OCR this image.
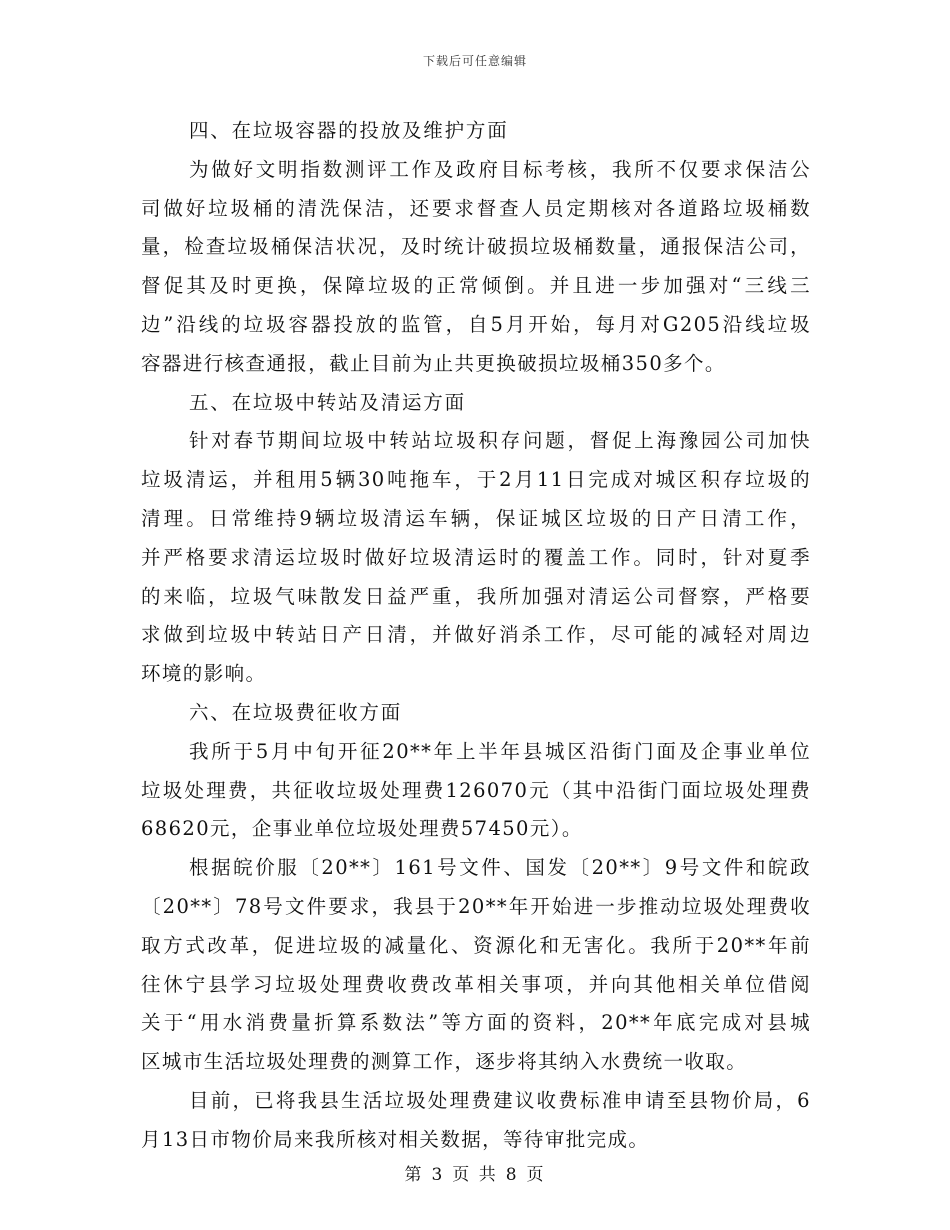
下载后可任意编辑
四、在垃圾容器的投放及维护方面
为做好文明指数测评工作及政府目标考核，我所不仅要求保洁公
司做好垃圾桶的清洗保洁，还要求督查人员定期核对各道路垃圾桶数
量，检查垃圾桶保洁状况，及时统计破损垃圾桶数量，通报保洁公司，
督促其及时更换，保障垃圾的正常倾倒。并且进一步加强对“三线三
边”沿线的垃圾容器投放的监管，自5月开始，每月对G205沿线垃圾
容器进行核查通报，截止目前为止共更换破损垃圾桶350多个。
五、在垃圾中转站及清运方面
针对春节期间垃圾中转站垃圾积存问题，督促上海豫园公司加快
垃圾清运，并租用5辆30吨拖车，于2月11日完成对城区积存垃圾的
清理。日常维持9辆垃圾清运车辆，保证城区垃圾的日产日清工作，
并严格要求清运垃圾时做好垃圾清运时的覆盖工作。同时，针对夏季
的来临，垃圾气味散发日益严重，我所加强对清运公司督察，严格要
求做到垃圾中转站日产日清，并做好消杀工作，尽可能的减轻对周边
环境的影响。
六、在垃圾费征收方面
我所于5月中旬开征20**年上半年县城区沿街门面及企事业单位
垃圾处理费，共征收垃圾处理费126070元（其中沿街门面垃圾处理费
68620元，企事业单位垃圾处理费57450元）。
根据皖价服〔20**〕161号文件、国发〔20**〕9号文件和皖政
〔20**〕78号文件要求，我县于20**年开始进一步推动垃圾处理费收
取方式改革，促进垃圾的减量化、资源化和无害化。我所于20**年前
往休宁县学习垃圾处理费收费改革相关事项，并向其他相关单位借阅
关于“用水消费量折算系数法”等方面的资料，20**年底完成对县城
区城市生活垃圾处理费的测算工作，逐步将其纳入水费统一收取。
目前，已将我县生活垃圾处理费建议收费标准申请至县物价局，6
月13日市物价局来我所核对相关数据，等待审批完成。
第 3 页 共 8 页
